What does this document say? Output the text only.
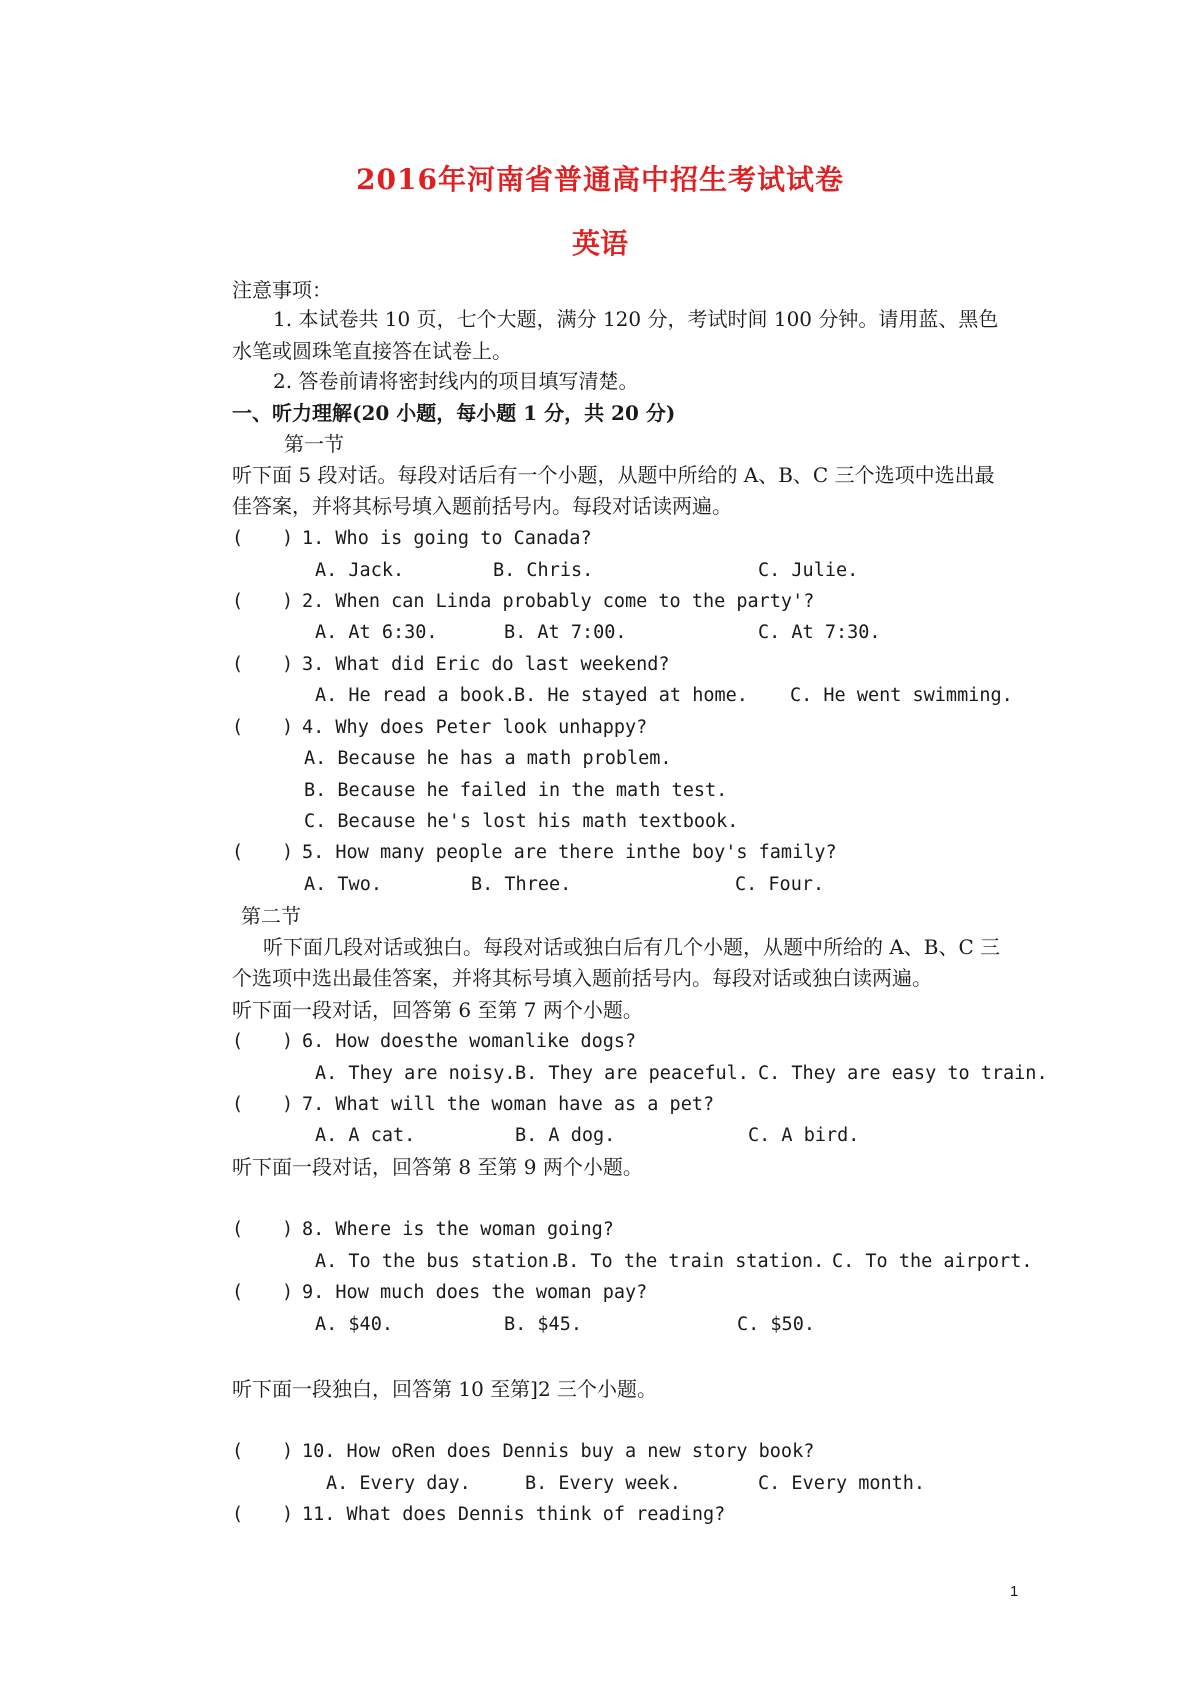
2016年河南省普通高中招生考试试卷
英语
注意事项：
1. 本试卷共 10 页，七个大题，满分 120 分，考试时间 100 分钟。请用蓝、黑色
水笔或圆珠笔直接答在试卷上。
2. 答卷前请将密封线内的项目填写清楚。
一、听力理解(20 小题，每小题 1 分，共 20 分)
第一节
听下面 5 段对话。每段对话后有一个小题，从题中所给的 A、B、C 三个选项中选出最
佳答案，并将其标号填入题前括号内。每段对话读两遍。
( ) 1. Who is going to Canada?
A. Jack.	B. Chris.	C. Julie.
( ) 2. When can Linda probably come to the party'?
A. At 6:30.	B. At 7:00.	C. At 7:30.
( ) 3. What did Eric do last weekend?
A. He read a book.
B. He stayed at home. C. He went swimming.
( ) 4. Why does Peter look unhappy?
A. Because he has a math problem.
B. Because he failed in the math test.
C. Because he's lost his math textbook.
( ) 5. How many people are there inthe boy's family?
A. Two.	B. Three.	C. Four.
第二节
听下面几段对话或独白。每段对话或独白后有几个小题，从题中所给的 A、B、C 三
个选项中选出最佳答案，并将其标号填入题前括号内。每段对话或独白读两遍。
听下面一段对话，回答第 6 至第 7 两个小题。
( ) 6. How doesthe womanlike dogs?
A. They are noisy. B. They are peaceful. C. They are easy to train.
( ) 7. What will the woman have as a pet?
A. A cat.	B. A dog.	C. A bird.
听下面一段对话，回答第 8 至第 9 两个小题。
( ) 8. Where is the woman going?
A. To the bus station.
B. To the train station. C. To the airport.
( ) 9. How much does the woman pay?
A. $40.	B. $45.	C. $50.
听下面一段独白，回答第 10 至第]2 三个小题。
( ) 10. How oRen does Dennis buy a new story book?
A. Every day.	B. Every week.	C. Every month.
( ) 11. What does Dennis think of reading?
1
